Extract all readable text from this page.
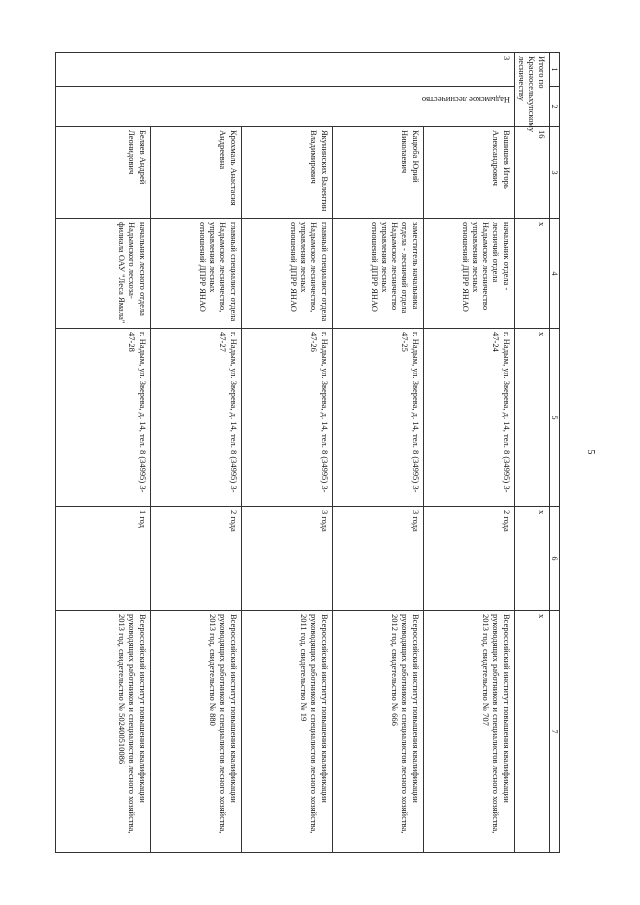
5
1	2	3	4	5	6	7
Итого по Краснoсельхупскому лесничеству		16	x	x	x	x
3	Надымское лесничество	Вашишев Игорь Александрович	начальник отдела - лесничий отдела Надымское лесничество управления лесных отношений ДПРР ЯНАО	г. Надым, ул. Зверева, д. 14, тел. 8 (34995) 3-47-24	2 года	Всероссийский институт повышения квалификации руководящих работников и специалистов лесного хозяйства, 2013 год, свидетельство № 707
		Кацюба Юрий Николаевич	заместитель начальника отдела - лесничий отдела Надымское лесничество управления лесных отношений ДПРР ЯНАО	г. Надым, ул. Зверева, д. 14, тел. 8 (34995) 3-47-25	3 года	Всероссийский институт повышения квалификации руководящих работников и специалистов лесного хозяйства, 2012 год, свидетельство № 666
		Якунинских Валентин Владимирович	главный специалист отдела Надымское лесничество, управления лесных отношений ДПРР ЯНАО	г. Надым, ул. Зверева, д. 14, тел. 8 (34995) 3-47-26	3 года	Всероссийский институт повышения квалификации руководящих работников и специалистов лесного хозяйства, 2011 год, свидетельство № 19
		Крохмаль Анастасия Андреевна	главный специалист отдела Надымское лесничество, управления лесных отношений ДПРР ЯНАО	г. Надым, ул. Зверева, д. 14, тел. 8 (34995) 3-47-27	2 года	Всероссийский институт повышения квалификации руководящих работников и специалистов лесного хозяйства, 2013 год, свидетельство № 880
		Беляев Андрей Леонидович	начальник лесного отдела Надымского лесхоза-филиала ОАУ "Леса Ямала"	г. Надым, ул. Зверева, д. 14, тел. 8 (34995) 3-47-28	1 год	Всероссийский институт повышения квалификации руководящих работников и специалистов лесного хозяйства, 2013 год, свидетельство № 502400510086
